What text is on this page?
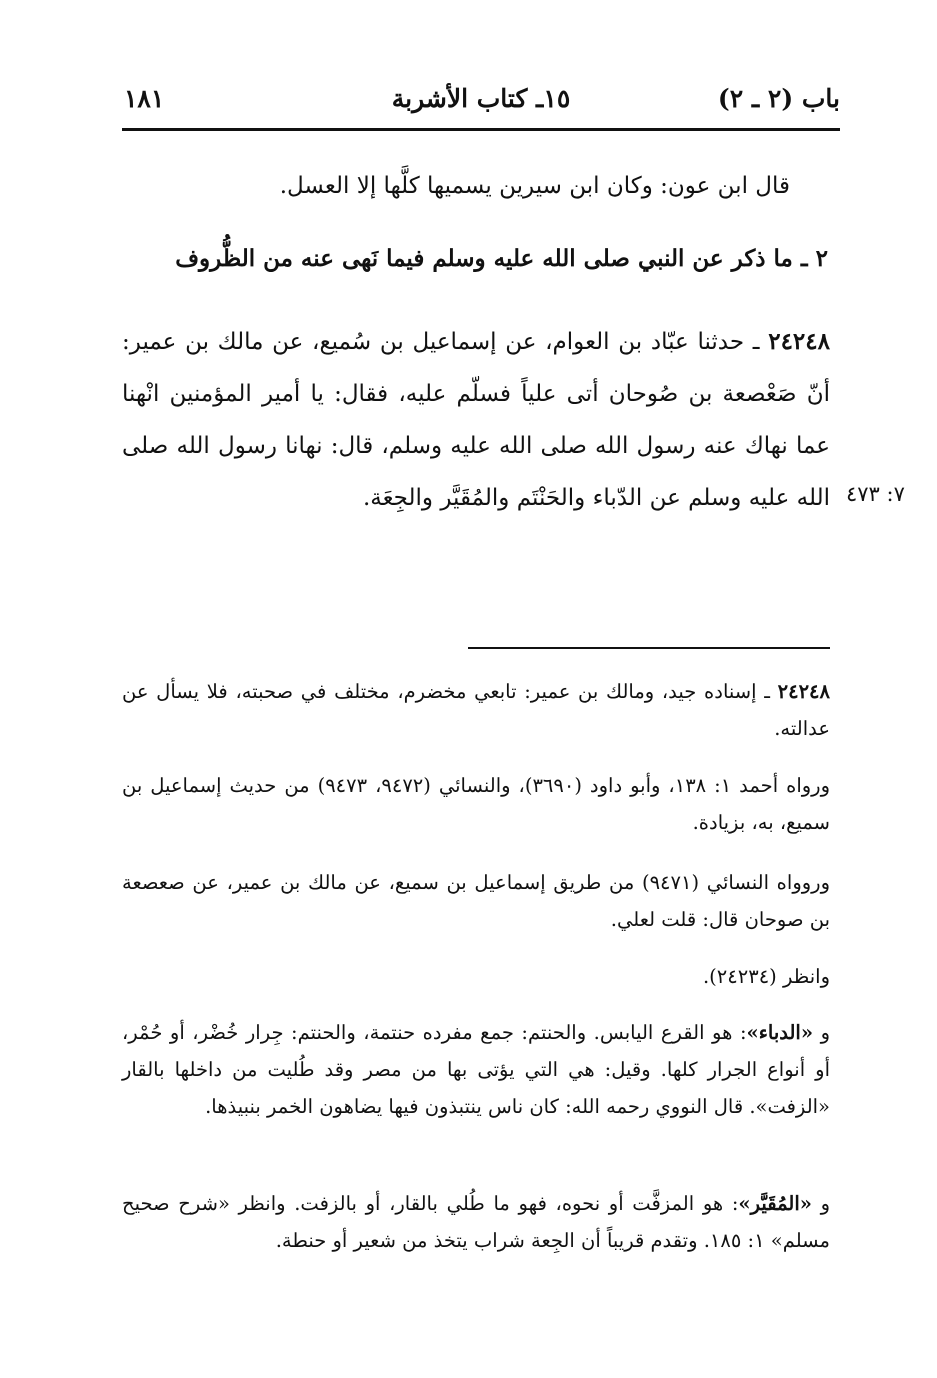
باب (٢ ـ ٢)
١٥ـ كتاب الأشربة
١٨١
قال ابن عون: وكان ابن سيرين يسميها كلَّها إلا العسل.
٢ ـ ما ذكر عن النبي صلى الله عليه وسلم فيما نَهى عنه من الظُّروف
٢٤٢٤٨ ـ حدثنا عبّاد بن العوام، عن إسماعيل بن سُميع، عن مالك بن عمير: أنّ صَعْصعة بن صُوحان أتى علياً فسلّم عليه، فقال: يا أمير المؤمنين انْهنا عما نهاك عنه رسول الله صلى الله عليه وسلم، قال: نهانا رسول الله صلى الله عليه وسلم عن الدّباء والحَنْتَم والمُقَيَّر والجِعَة. ٧: ٤٧٣
٢٤٢٤٨ ـ إسناده جيد، ومالك بن عمير: تابعي مخضرم، مختلف في صحبته، فلا يسأل عن عدالته.
ورواه أحمد ١: ١٣٨، وأبو داود (٣٦٩٠)، والنسائي (٩٤٧٢، ٩٤٧٣) من حديث إسماعيل بن سميع، به، بزيادة.
وروواه النسائي (٩٤٧١) من طريق إسماعيل بن سميع، عن مالك بن عمير، عن صعصعة بن صوحان قال: قلت لعلي.
وانظر (٢٤٢٣٤).
و «الدباء»: هو القرع اليابس. والحنتم: جمع مفرده حنتمة، والحنتم: جِرار خُضْر، أو حُمْر، أو أنواع الجرار كلها. وقيل: هي التي يؤتى بها من مصر وقد طُليت من داخلها بالقار «الزفت». قال النووي رحمه الله: كان ناس ينتبذون فيها يضاهون الخمر بنبيذها.
و «المُقَيَّر»: هو المزفَّت أو نحوه، فهو ما طُلي بالقار، أو بالزفت. وانظر «شرح صحيح مسلم» ١: ١٨٥. وتقدم قريباً أن الجِعة شراب يتخذ من شعير أو حنطة.
